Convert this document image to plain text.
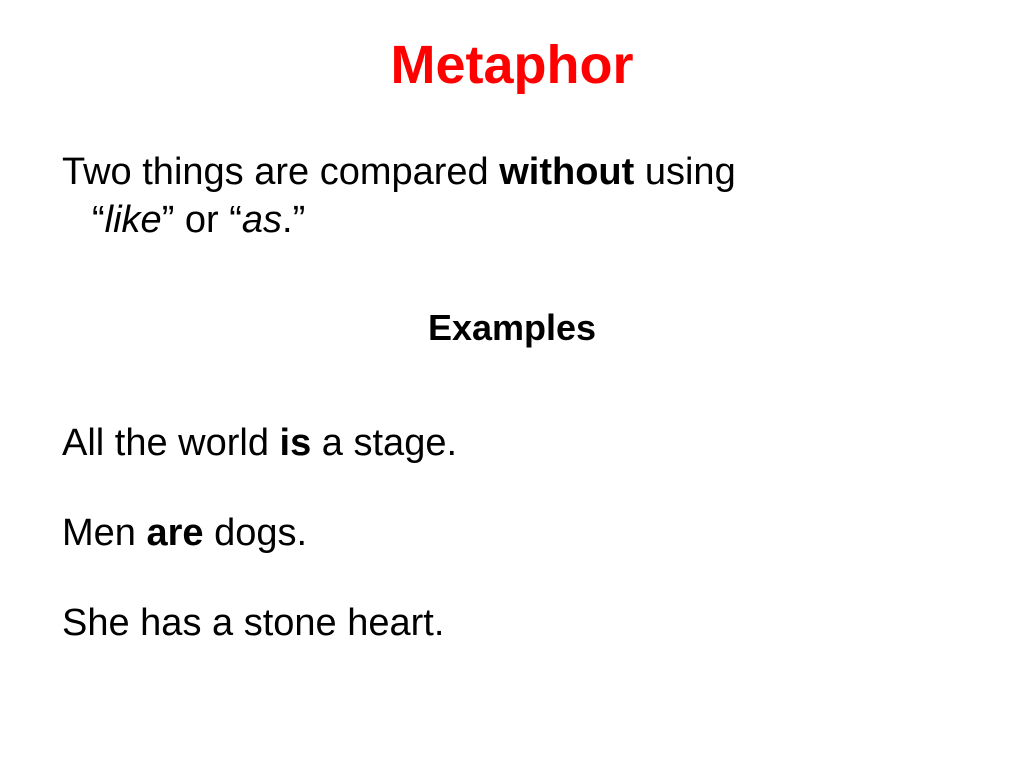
Metaphor
Two things are compared without using
“like” or “as.”
Examples
All the world is a stage.
Men are dogs.
She has a stone heart.
